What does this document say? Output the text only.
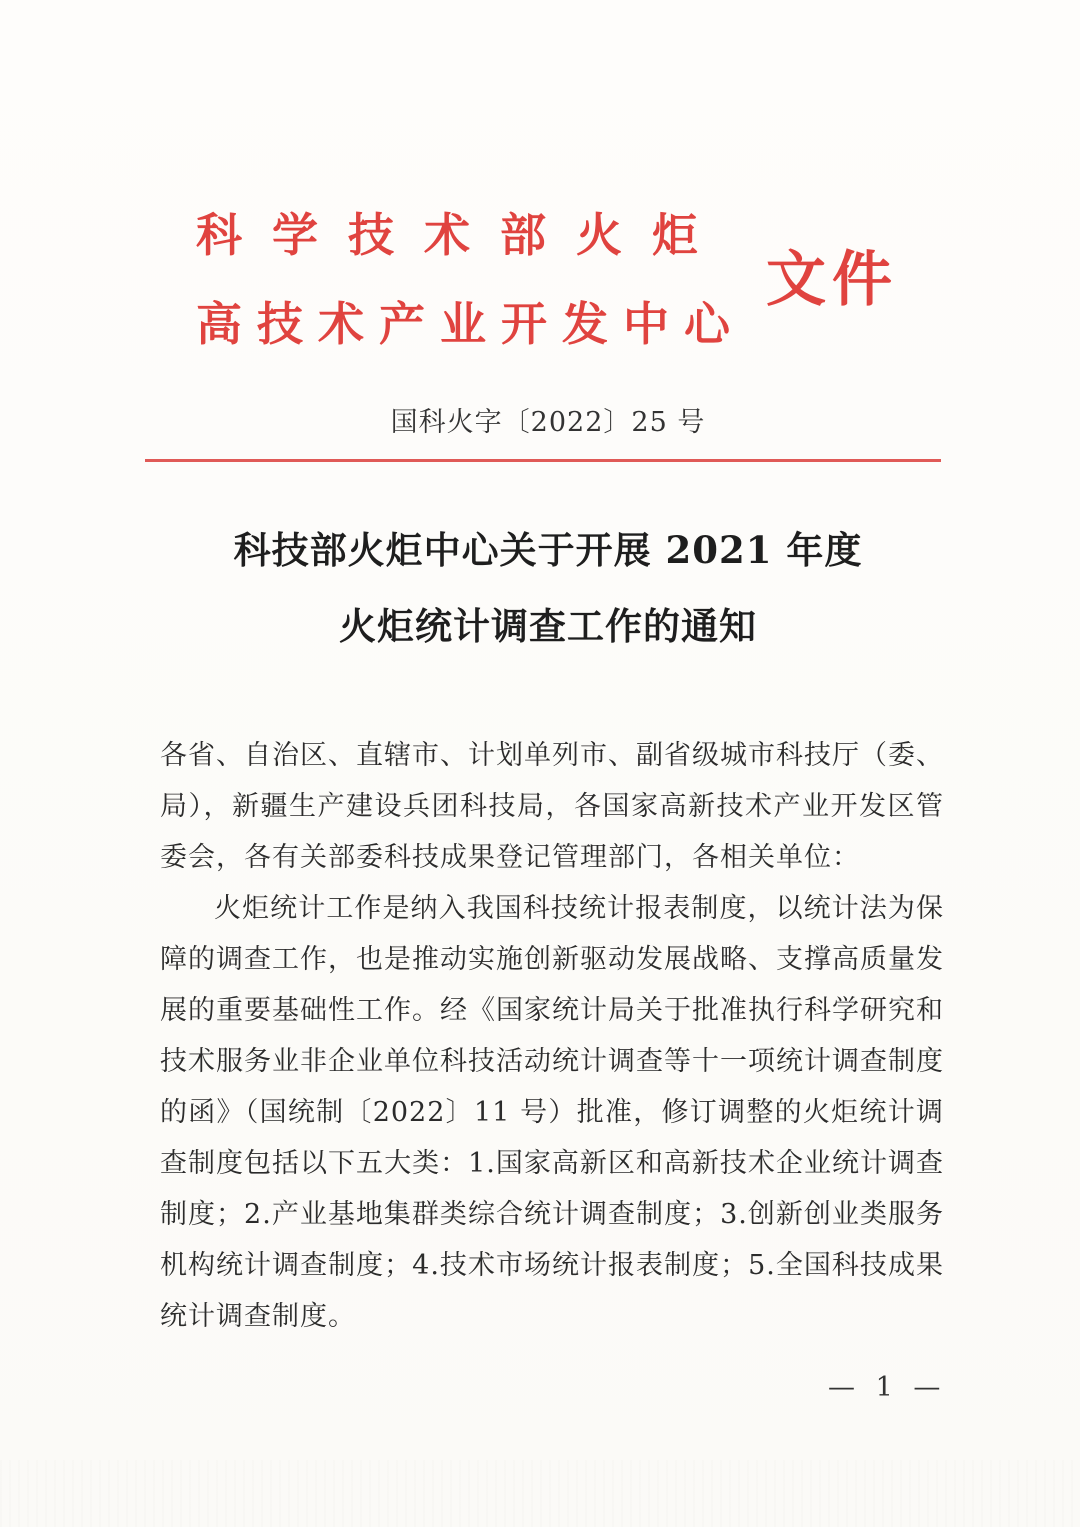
科学技术部火炬
高技术产业开发中心
文件
国科火字〔2022〕25 号
科技部火炬中心关于开展 2021 年度
火炬统计调查工作的通知

各省、自治区、直辖市、计划单列市、副省级城市科技厅（委、局），新疆生产建设兵团科技局，各国家高新技术产业开发区管委会，各有关部委科技成果登记管理部门，各相关单位：

火炬统计工作是纳入我国科技统计报表制度，以统计法为保障的调查工作，也是推动实施创新驱动发展战略、支撑高质量发展的重要基础性工作。经《国家统计局关于批准执行科学研究和技术服务业非企业单位科技活动统计调查等十一项统计调查制度的函》（国统制〔2022〕11 号）批准，修订调整的火炬统计调查制度包括以下五大类：1.国家高新区和高新技术企业统计调查制度；2.产业基地集群类综合统计调查制度；3.创新创业类服务机构统计调查制度；4.技术市场统计报表制度；5.全国科技成果统计调查制度。

— 1 —
